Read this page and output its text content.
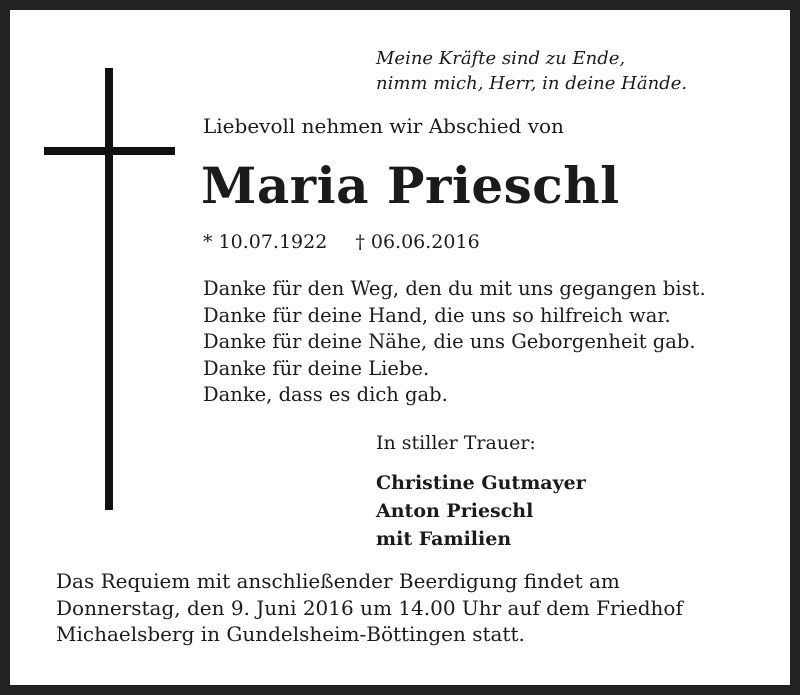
Meine Kräfte sind zu Ende,
nimm mich, Herr, in deine Hände.
Liebevoll nehmen wir Abschied von
Maria Prieschl
* 10.07.1922 † 06.06.2016
Danke für den Weg, den du mit uns gegangen bist.
Danke für deine Hand, die uns so hilfreich war.
Danke für deine Nähe, die uns Geborgenheit gab.
Danke für deine Liebe.
Danke, dass es dich gab.
In stiller Trauer:
Christine Gutmayer
Anton Prieschl
mit Familien
Das Requiem mit anschließender Beerdigung findet am
Donnerstag, den 9. Juni 2016 um 14.00 Uhr auf dem Friedhof
Michaelsberg in Gundelsheim-Böttingen statt.
